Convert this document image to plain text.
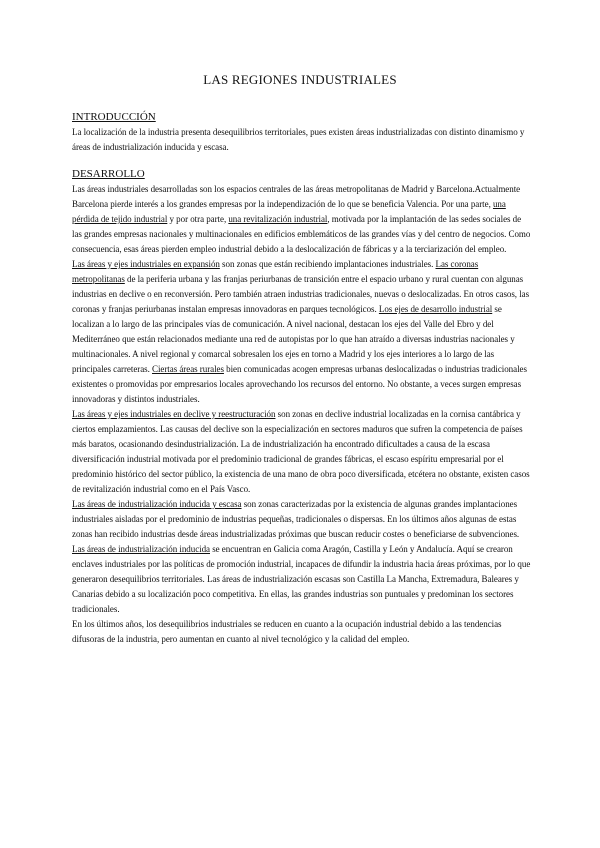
LAS REGIONES INDUSTRIALES

INTRODUCCIÓN

La localización de la industria presenta desequilibrios territoriales, pues existen áreas industrializadas con distinto dinamismo y áreas de industrialización inducida y escasa.

DESARROLLO

Las áreas industriales desarrolladas son los espacios centrales de las áreas metropolitanas de Madrid y Barcelona.Actualmente Barcelona pierde interés a los grandes empresas por la independización de lo que se beneficia Valencia. Por una parte, una pérdida de tejido industrial y por otra parte, una revitalización industrial, motivada por la implantación de las sedes sociales de las grandes empresas nacionales y multinacionales en edificios emblemáticos de las grandes vías y del centro de negocios. Como consecuencia, esas áreas pierden empleo industrial debido a la deslocalización de fábricas y a la terciarización del empleo.

Las áreas y ejes industriales en expansión son zonas que están recibiendo implantaciones industriales. Las coronas metropolitanas de la periferia urbana y las franjas periurbanas de transición entre el espacio urbano y rural cuentan con algunas industrias en declive o en reconversión. Pero también atraen industrias tradicionales, nuevas o deslocalizadas. En otros casos, las coronas y franjas periurbanas instalan empresas innovadoras en parques tecnológicos. Los ejes de desarrollo industrial se localizan a lo largo de las principales vías de comunicación. A nivel nacional, destacan los ejes del Valle del Ebro y del Mediterráneo que están relacionados mediante una red de autopistas por lo que han atraído a diversas industrias nacionales y multinacionales. A nivel regional y comarcal sobresalen los ejes en torno a Madrid y los ejes interiores a lo largo de las principales carreteras. Ciertas áreas rurales bien comunicadas acogen empresas urbanas deslocalizadas o industrias tradicionales existentes o promovidas por empresarios locales aprovechando los recursos del entorno. No obstante, a veces surgen empresas innovadoras y distintos industriales.

Las áreas y ejes industriales en declive y reestructuración son zonas en declive industrial localizadas en la cornisa cantábrica y ciertos emplazamientos. Las causas del declive son la especialización en sectores maduros que sufren la competencia de países más baratos, ocasionando desindustrialización. La de industrialización ha encontrado dificultades a causa de la escasa diversificación industrial motivada por el predominio tradicional de grandes fábricas, el escaso espíritu empresarial por el predominio histórico del sector público, la existencia de una mano de obra poco diversificada, etcétera no obstante, existen casos de revitalización industrial como en el País Vasco.

Las áreas de industrialización inducida y escasa son zonas caracterizadas por la existencia de algunas grandes implantaciones industriales aisladas por el predominio de industrias pequeñas, tradicionales o dispersas. En los últimos años algunas de estas zonas han recibido industrias desde áreas industrializadas próximas que buscan reducir costes o beneficiarse de subvenciones. Las áreas de industrialización inducida se encuentran en Galicia coma Aragón, Castilla y León y Andalucía. Aquí se crearon enclaves industriales por las políticas de promoción industrial, incapaces de difundir la industria hacia áreas próximas, por lo que generaron desequilibrios territoriales. Las áreas de industrialización escasas son Castilla La Mancha, Extremadura, Baleares y Canarias debido a su localización poco competitiva. En ellas, las grandes industrias son puntuales y predominan los sectores tradicionales.

En los últimos años, los desequilibrios industriales se reducen en cuanto a la ocupación industrial debido a las tendencias difusoras de la industria, pero aumentan en cuanto al nivel tecnológico y la calidad del empleo.
